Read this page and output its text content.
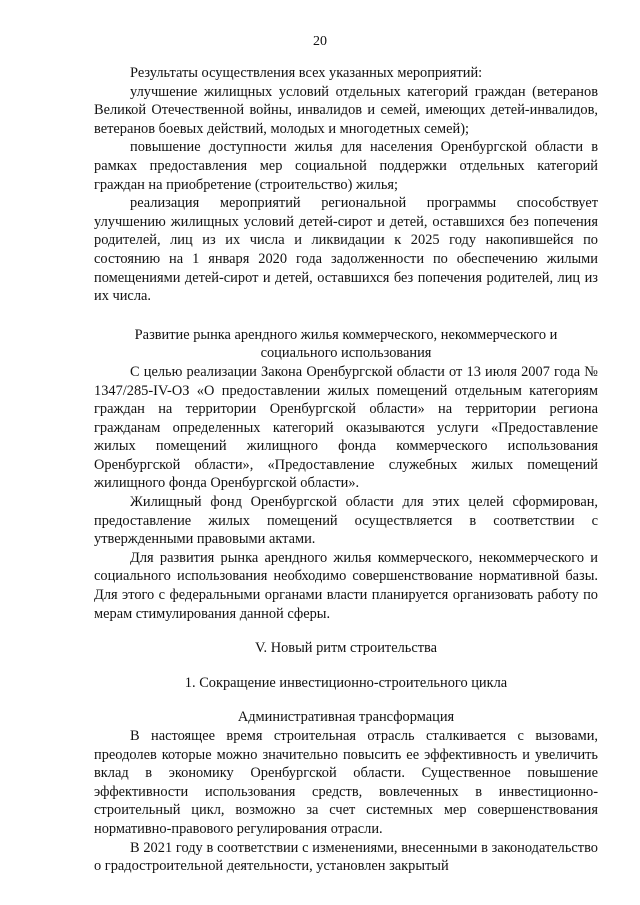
20

Результаты осуществления всех указанных мероприятий:

улучшение жилищных условий отдельных категорий граждан (ветеранов Великой Отечественной войны, инвалидов и семей, имеющих детей-инвалидов, ветеранов боевых действий, молодых и многодетных семей);

повышение доступности жилья для населения Оренбургской области в рамках предоставления мер социальной поддержки отдельных категорий граждан на приобретение (строительство) жилья;

реализация мероприятий региональной программы способствует улучшению жилищных условий детей-сирот и детей, оставшихся без попечения родителей, лиц из их числа и ликвидации к 2025 году накопившейся по состоянию на 1 января 2020 года задолженности по обеспечению жилыми помещениями детей-сирот и детей, оставшихся без попечения родителей, лиц из их числа.

Развитие рынка арендного жилья коммерческого, некоммерческого и

социального использования

С целью реализации Закона Оренбургской области от 13 июля 2007 года № 1347/285-IV-ОЗ «О предоставлении жилых помещений отдельным категориям граждан на территории Оренбургской области» на территории региона гражданам определенных категорий оказываются услуги «Предоставление жилых помещений жилищного фонда коммерческого использования Оренбургской области», «Предоставление служебных жилых помещений жилищного фонда Оренбургской области».

Жилищный фонд Оренбургской области для этих целей сформирован, предоставление жилых помещений осуществляется в соответствии с утвержденными правовыми актами.

Для развития рынка арендного жилья коммерческого, некоммерческого и социального использования необходимо совершенствование нормативной базы. Для этого с федеральными органами власти планируется организовать работу по мерам стимулирования данной сферы.

V. Новый ритм строительства

1. Сокращение инвестиционно-строительного цикла

Административная трансформация

В настоящее время строительная отрасль сталкивается с вызовами, преодолев которые можно значительно повысить ее эффективность и увеличить вклад в экономику Оренбургской области. Существенное повышение эффективности использования средств, вовлеченных в инвестиционно-строительный цикл, возможно за счет системных мер совершенствования нормативно-правового регулирования отрасли.

В 2021 году в соответствии с изменениями, внесенными в законодательство о градостроительной деятельности, установлен закрытый
